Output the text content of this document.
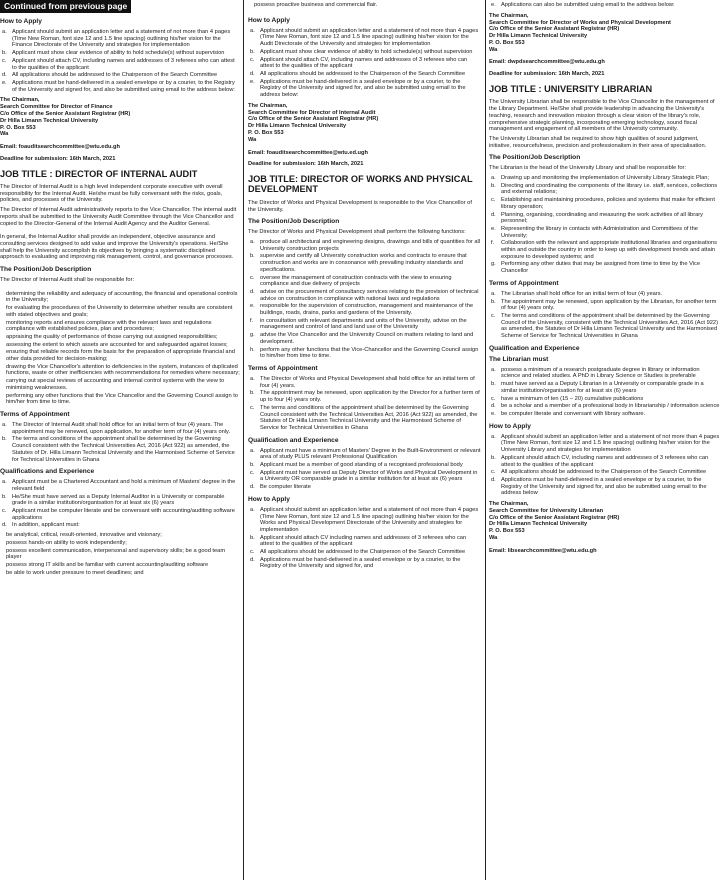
Continued from previous page
How to Apply
a. Applicant should submit an application letter and a statement of not more than 4 pages (Time New Roman, font size 12 and 1.5 line spacing) outlining his/her vision for the Finance Directorate of the University and strategies for implementation
b. Applicant must show clear evidence of ability to hold schedule(s) without supervision
c. Applicant should attach CV, including names and addresses of 3 referees who can attest to the qualities of the applicant
d. All applications should be addressed to the Chairperson of the Search Committee
e. Applications must be hand-delivered in a sealed envelope or by a courier, to the Registry of the University and signed for, and also be submitted using email to the address below:
The Chairman,
Search Committee for Director of Finance
C/o Office of the Senior Assistant Registrar (HR)
Dr Hilla Limann Technical University
P. O. Box 553
Wa
Email: foauditsearchcommittee@wtu.edu.gh
Deadline for submission: 16th March, 2021
JOB TITLE : DIRECTOR OF INTERNAL AUDIT
The Director of Internal Audit is a high level independent corporate executive with overall responsibility for the Internal Audit. He/she must be fully conversant with the risks, goals, policies, and processes of the University.
The Director of Internal Audit administratively reports to the Vice Chancellor. The internal audit reports shall be submitted to the University Audit Committee through the Vice Chancellor and copied to the Director-General of the Internal Audit Agency and the Auditor General.
In general, the Internal Auditor shall provide an independent, objective assurance and consulting services designed to add value and improve the University's operations. He/She shall help the University accomplish its objectives by bringing a systematic disciplined approach to evaluating and improving risk management, control, and governance processes.
The Position/Job Description
The Director of Internal Audit shall be responsible for:
determining the reliability and adequacy of accounting, the financial and operational controls in the University;
for evaluating the procedures of the University to determine whether results are consistent with stated objectives and goals;
monitoring reports and ensures compliance with the relevant laws and regulations compliance with established policies, plan and procedures;
appraising the quality of performance of those carrying out assigned responsibilities;
assessing the extent to which assets are accounted for and safeguarded against losses;
ensuring that reliable records form the basis for the preparation of appropriate financial and other data provided for decision-making;
drawing the Vice Chancellor's attention to deficiencies in the system, instances of duplicated functions, waste or other inefficiencies with recommendations for remedies where necessary;
carrying out special reviews of accounting and internal control systems with the view to minimising weaknesses.
performing any other functions that the Vice Chancellor and the Governing Council assign to him/her from time to time.
Terms of Appointment
a. The Director of Internal Audit shall hold office for an initial term of four (4) years. The appointment may be renewed, upon application, for another term of four (4) years only.
b. The terms and conditions of the appointment shall be determined by the Governing Council consistent with the Technical Universities Act, 2016 (Act 922) as amended, the Statutes of Dr. Hilla Limann Technical University and the Harmonised Scheme of Service for Technical Universities in Ghana
Qualifications and Experience
a. Applicant must be a Chartered Accountant and hold a minimum of Masters' degree in the relevant field
b. He/She must have served as a Deputy Internal Auditor in a University or comparable grade in a similar institution/organisation for at least six (6) years
c. Applicant must be computer literate and be conversant with accounting/auditing software applications
d. In addition, applicant must:
be analytical, critical, result-oriented, innovative and visionary;
possess hands-on ability to work independently;
possess excellent communication, interpersonal and supervisory skills; be a good team player
possess strong IT skills and be familiar with current accounting/auditing software
be able to work under pressure to meet deadlines; and
possess proactive business and commercial flair.
How to Apply
a. Applicant should submit an application letter and a statement of not more than 4 pages (Time New Roman, font size 12 and 1.5 line spacing) outlining his/her vision for the Audit Directorate of the University and strategies for implementation
b. Applicant must show clear evidence of ability to hold schedule(s) without supervision
c. Applicant should attach CV, including names and addresses of 3 referees who can attest to the qualities of the applicant
d. All applications should be addressed to the Chairperson of the Search Committee
e. Applications must be hand-delivered in a sealed envelope or by a courier, to the Registry of the University and signed for, and also be submitted using email to the address below:
The Chairman,
Search Committee for Director of Internal Audit
C/o Office of the Senior Assistant Registrar (HR)
Dr Hilla Limann Technical University
P. O. Box 553
Wa
Email: foauditsearchcommittee@wtu.ed.ugh
Deadline for submission: 16th March, 2021
JOB TITLE: DIRECTOR OF WORKS AND PHYSICAL DEVELOPMENT
The Director of Works and Physical Development is responsible to the Vice Chancellor of the University.
The Position/Job Description
The Director of Works and Physical Development shall perform the following functions:
a. produce all architectural and engineering designs, drawings and bills of quantities for all University construction projects
b. supervise and certify all University construction works and contracts to ensure that construction and works are in consonance with prevailing industry standards and specifications.
c. oversee the management of construction contracts with the view to ensuring compliance and due delivery of projects
d. advise on the procurement of consultancy services relating to the provision of technical advice on construction in compliance with national laws and regulations
e. responsible for the supervision of construction, management and maintenance of the buildings, roads, drains, parks and gardens of the University.
f. in consultation with relevant departments and units of the University, advise on the management and control of land and land use of the University
g. advise the Vice Chancellor and the University Council on matters relating to land and development.
h. perform any other functions that the Vice-Chancellor and the Governing Council assign to him/her from time to time.
Terms of Appointment
a. The Director of Works and Physical Development shall hold office for an initial term of four (4) years.
b. The appointment may be renewed, upon application by the Director for a further term of up to four (4) years only.
c. The terms and conditions of the appointment shall be determined by the Governing Council consistent with the Technical Universities Act, 2016 (Act 922) as amended, the Statutes of Dr Hilla Limann Technical University and the Harmonised Scheme of Service for Technical Universities in Ghana
Qualification and Experience
a. Applicant must have a minimum of Masters' Degree in the Built-Environment or relevant area of study PLUS relevant Professional Qualification
b. Applicant must be a member of good standing of a recognised professional body
c. Applicant must have served as Deputy Director of Works and Physical Development in a University OR comparable grade in a similar institution for at least six (6) years
d. Be computer literate
How to Apply
a. Applicant should submit an application letter and a statement of not more than 4 pages (Time New Roman, font size 12 and 1.5 line spacing) outlining his/her vision for the Works and Physical Development Directorate of the University and strategies for implementation
b. Applicant should attach CV including names and addresses of 3 referees who can attest to the qualities of the applicant
c. All applications should be addressed to the Chairperson of the Search Committee
d. Applications must be hand-delivered in a sealed envelope or by a courier, to the Registry of the University and signed for, and
e. Applications can also be submitted using email to the address below:
The Chairman,
Search Committee for Director of Works and Physical Development
C/o Office of the Senior Assistant Registrar (HR)
Dr Hilla Limann Technical University
P. O. Box 553
Wa
Email: dwpdsearchcommittee@wtu.edu.gh
Deadline for submission: 16th March, 2021
JOB TITLE : UNIVERSITY LIBRARIAN
The University Librarian shall be responsible to the Vice Chancellor in the management of the Library Department. He/She shall provide leadership in advancing the University's teaching, research and innovation mission through a clear vision of the library's role, comprehensive strategic planning, incorporating emerging technology, sound fiscal management and engagement of all members of the University community.
The University Librarian shall be required to show high qualities of sound judgment, initiative, resourcefulness, precision and professionalism in their area of specialisation.
The Position/Job Description
The Librarian is the head of the University Library and shall be responsible for:
a. Drawing up and monitoring the implementation of University Library Strategic Plan;
b. Directing and coordinating the components of the library i.e. staff, services, collections and external relations;
c. Establishing and maintaining procedures, policies and systems that make for efficient library operation;
d. Planning, organising, coordinating and measuring the work activities of all library personnel;
e. Representing the library in contacts with Administration and Committees of the University;
f. Collaboration with the relevant and appropriate institutional libraries and organisations within and outside the country in order to keep up with development trends and attain exposure to developed systems; and
g. Performing any other duties that may be assigned from time to time by the Vice Chancellor
Terms of Appointment
a. The Librarian shall hold office for an initial term of four (4) years.
b. The appointment may be renewed, upon application by the Librarian, for another term of four (4) years only.
c. The terms and conditions of the appointment shall be determined by the Governing Council of the University, consistent with the Technical Universities Act, 2016 (Act 922) as amended, the Statutes of Dr Hilla Limann Technical University and the Harmonised Scheme of Service for Technical Universities in Ghana
Qualification and Experience
The Librarian must
a. possess a minimum of a research postgraduate degree in library or information science and related studies. A PhD in Library Science or Studies is preferable
b. must have served as a Deputy Librarian in a University or comparable grade in a similar institution/organisation for at least six (6) years
c. have a minimum of ten (15 – 20) cumulative publications
d. be a scholar and a member of a professional body in librarianship / information science
e. be computer literate and conversant with library software.
How to Apply
a. Applicant should submit an application letter and a statement of not more than 4 pages (Time New Roman, font size 12 and 1.5 line spacing) outlining his/her vision for the University Library and strategies for implementation
b. Applicant should attach CV, including names and addresses of 3 referees who can attest to the qualities of the applicant
c. All applications should be addressed to the Chairperson of the Search Committee
d. Applications must be hand-delivered in a sealed envelope or by a courier, to the Registry of the University and signed for, and also be submitted using email to the address below
The Chairman,
Search Committee for University Librarian
C/o Office of the Senior Assistant Registrar (HR)
Dr Hilla Limann Technical University
P. O. Box 553
Wa
Email: libsearchcommittee@wtu.edu.gh
